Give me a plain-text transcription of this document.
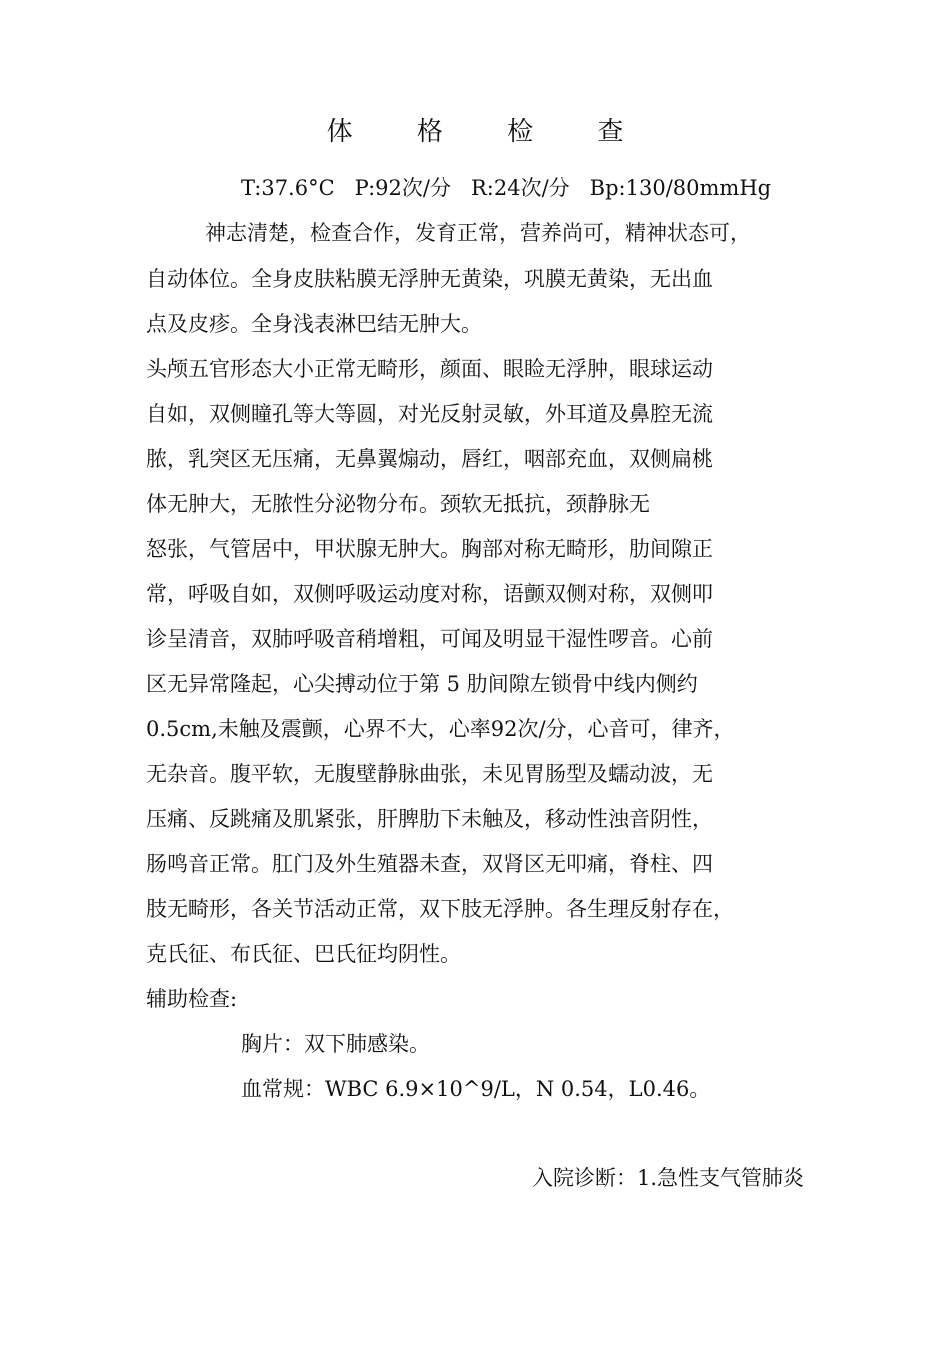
体 格 检 查
T:37.6°C   P:92次/分   R:24次/分   Bp:130/80mmHg
神志清楚，检查合作，发育正常，营养尚可，精神状态可，
自动体位。全身皮肤粘膜无浮肿无黄染，巩膜无黄染，无出血
点及皮疹。全身浅表淋巴结无肿大。
头颅五官形态大小正常无畸形，颜面、眼睑无浮肿，眼球运动
自如，双侧瞳孔等大等圆，对光反射灵敏，外耳道及鼻腔无流
脓，乳突区无压痛，无鼻翼煽动，唇红，咽部充血，双侧扁桃
体无肿大，无脓性分泌物分布。颈软无抵抗，颈静脉无
怒张，气管居中，甲状腺无肿大。胸部对称无畸形，肋间隙正
常，呼吸自如，双侧呼吸运动度对称，语颤双侧对称，双侧叩
诊呈清音，双肺呼吸音稍增粗，可闻及明显干湿性啰音。心前
区无异常隆起，心尖搏动位于第 5 肋间隙左锁骨中线内侧约
0.5cm,未触及震颤，心界不大，心率92次/分，心音可，律齐，
无杂音。腹平软，无腹壁静脉曲张，未见胃肠型及蠕动波，无
压痛、反跳痛及肌紧张，肝脾肋下未触及，移动性浊音阴性，
肠鸣音正常。肛门及外生殖器未查，双肾区无叩痛，脊柱、四
肢无畸形，各关节活动正常，双下肢无浮肿。各生理反射存在，
克氏征、布氏征、巴氏征均阴性。
辅助检查:
胸片：双下肺感染。
血常规：WBC 6.9×10^9/L，N 0.54，L0.46。
入院诊断：1.急性支气管肺炎
